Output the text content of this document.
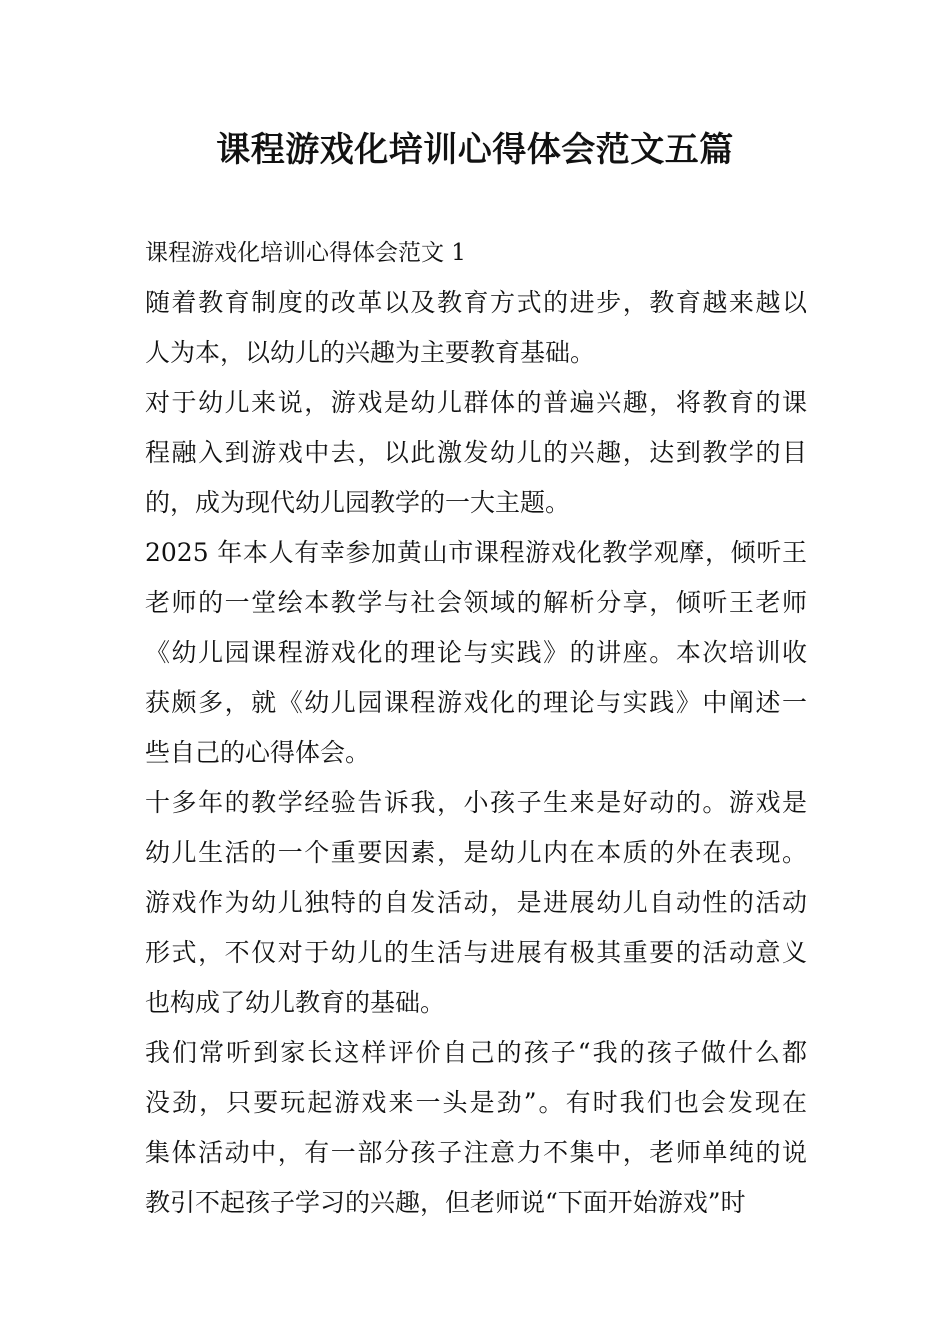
课程游戏化培训心得体会范文五篇

课程游戏化培训心得体会范文 1

随着教育制度的改革以及教育方式的进步，教育越来越以
人为本，以幼儿的兴趣为主要教育基础。

对于幼儿来说，游戏是幼儿群体的普遍兴趣，将教育的课
程融入到游戏中去，以此激发幼儿的兴趣，达到教学的目
的，成为现代幼儿园教学的一大主题。

2025 年本人有幸参加黄山市课程游戏化教学观摩，倾听王
老师的一堂绘本教学与社会领域的解析分享，倾听王老师
《幼儿园课程游戏化的理论与实践》的讲座。本次培训收
获颇多，就《幼儿园课程游戏化的理论与实践》中阐述一
些自己的心得体会。

十多年的教学经验告诉我，小孩子生来是好动的。游戏是
幼儿生活的一个重要因素，是幼儿内在本质的外在表现。
游戏作为幼儿独特的自发活动，是进展幼儿自动性的活动
形式，不仅对于幼儿的生活与进展有极其重要的活动意义
也构成了幼儿教育的基础。

我们常听到家长这样评价自己的孩子“我的孩子做什么都
没劲，只要玩起游戏来一头是劲”。有时我们也会发现在
集体活动中，有一部分孩子注意力不集中，老师单纯的说
教引不起孩子学习的兴趣，但老师说“下面开始游戏”时
